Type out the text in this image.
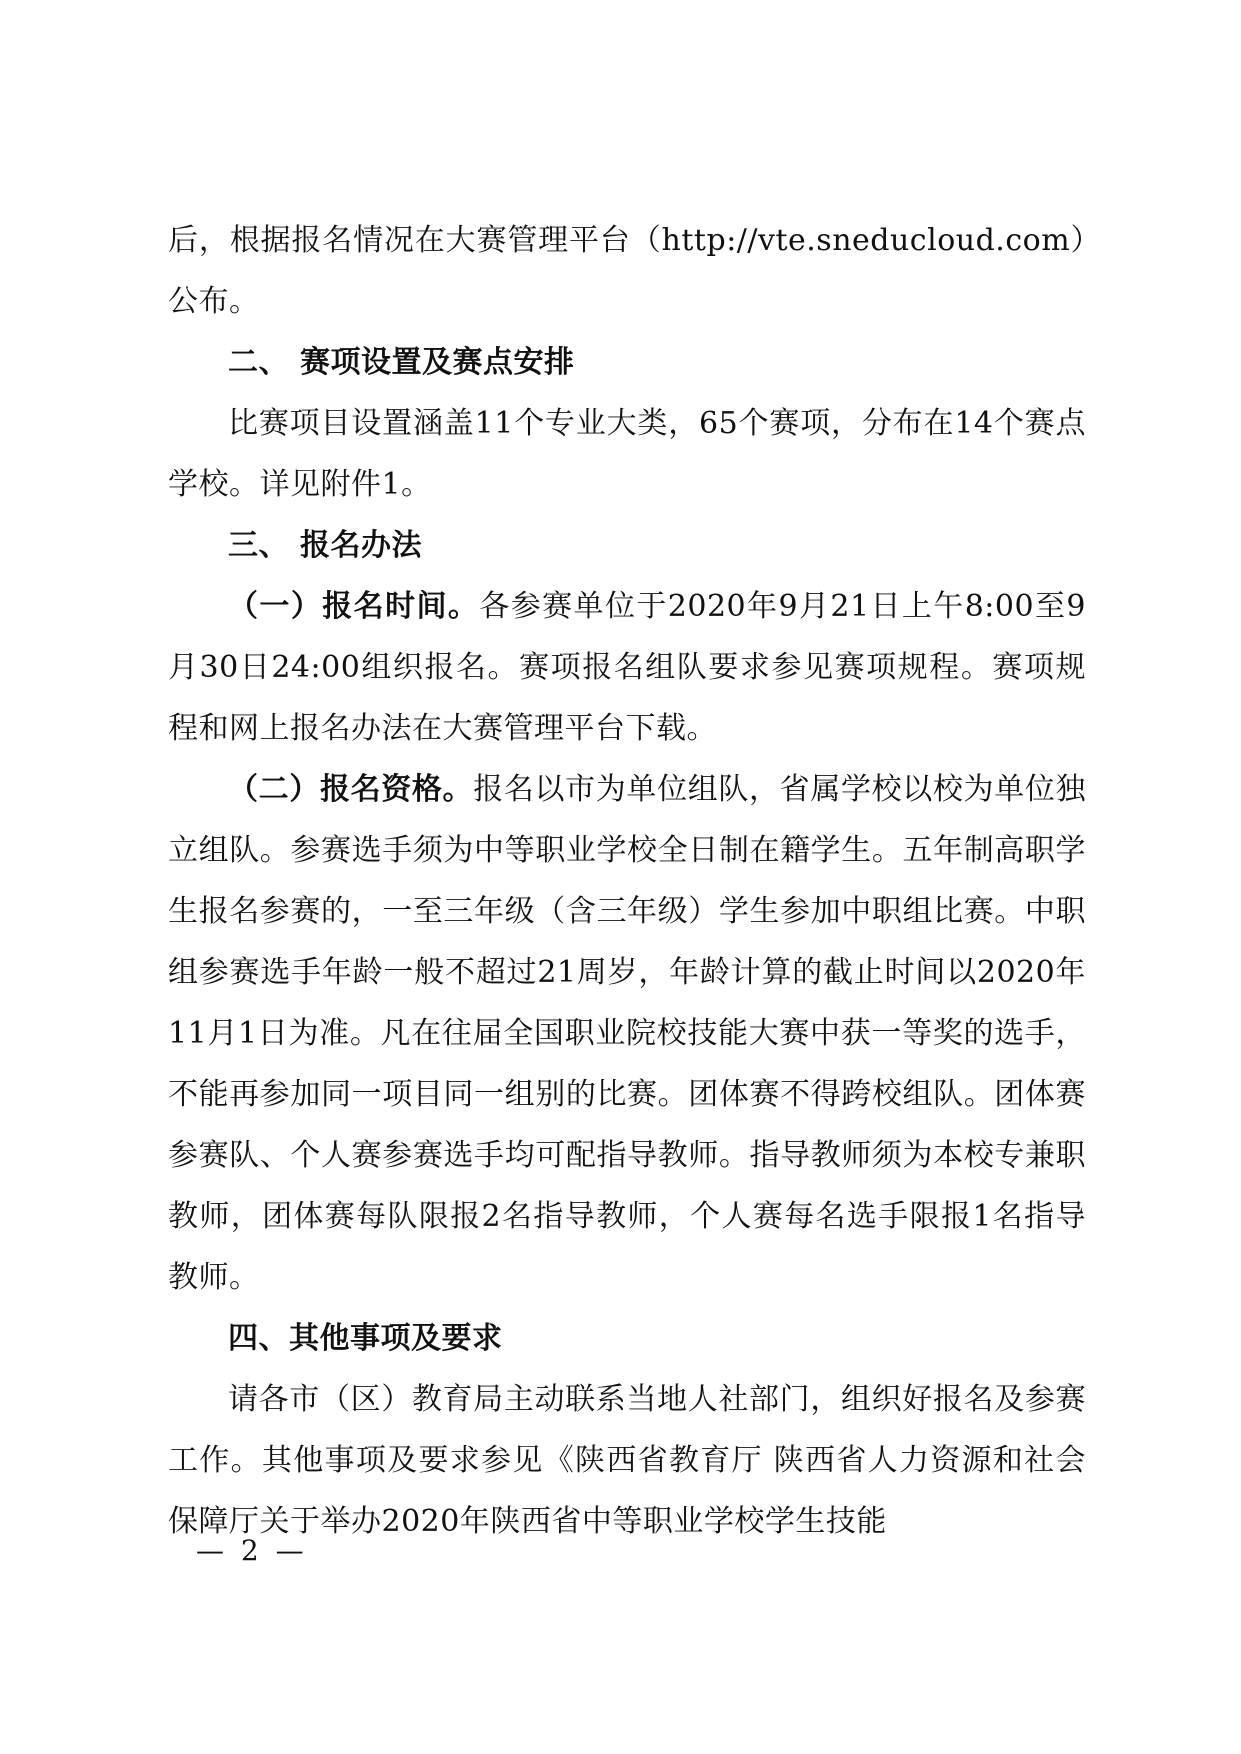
后，根据报名情况在大赛管理平台（http://vte.sneducloud.com）公布。

二、 赛项设置及赛点安排

比赛项目设置涵盖11个专业大类，65个赛项，分布在14个赛点学校。详见附件1。

三、 报名办法

（一）报名时间。各参赛单位于2020年9月21日上午8:00至9月30日24:00组织报名。赛项报名组队要求参见赛项规程。赛项规程和网上报名办法在大赛管理平台下载。

（二）报名资格。报名以市为单位组队，省属学校以校为单位独立组队。参赛选手须为中等职业学校全日制在籍学生。五年制高职学生报名参赛的，一至三年级（含三年级）学生参加中职组比赛。中职组参赛选手年龄一般不超过21周岁，年龄计算的截止时间以2020年11月1日为准。凡在往届全国职业院校技能大赛中获一等奖的选手，不能再参加同一项目同一组别的比赛。团体赛不得跨校组队。团体赛参赛队、个人赛参赛选手均可配指导教师。指导教师须为本校专兼职教师，团体赛每队限报2名指导教师，个人赛每名选手限报1名指导教师。

四、其他事项及要求

请各市（区）教育局主动联系当地人社部门，组织好报名及参赛工作。其他事项及要求参见《陕西省教育厅 陕西省人力资源和社会保障厅关于举办2020年陕西省中等职业学校学生技能

— 2 —
